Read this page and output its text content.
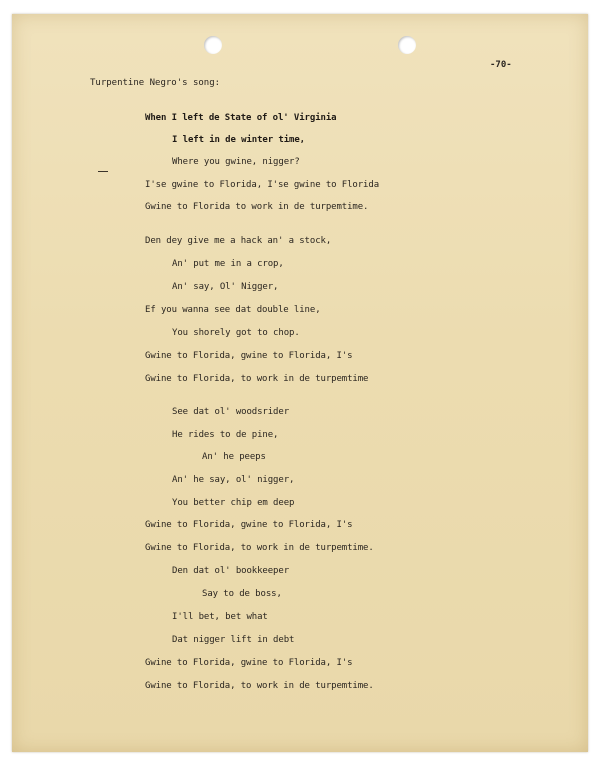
-70-
Turpentine Negro's song:
When I left de State of ol' Virginia
I left in de winter time,
Where you gwine, nigger?
I'se gwine to Florida, I'se gwine to Florida
Gwine to Florida to work in de turpemtime.
Den dey give me a hack an' a stock,
An' put me in a crop,
An' say, Ol' Nigger,
Ef you wanna see dat double line,
You shorely got to chop.
Gwine to Florida, gwine to Florida, I's
Gwine to Florida, to work in de turpemtime
See dat ol' woodsrider
He rides to de pine,
An' he peeps
An' he say, ol' nigger,
You better chip em deep
Gwine to Florida, gwine to Florida, I's
Gwine to Florida, to work in de turpemtime.
Den dat ol' bookkeeper
Say to de boss,
I'll bet, bet what
Dat nigger lift in debt
Gwine to Florida, gwine to Florida, I's
Gwine to Florida, to work in de turpemtime.
